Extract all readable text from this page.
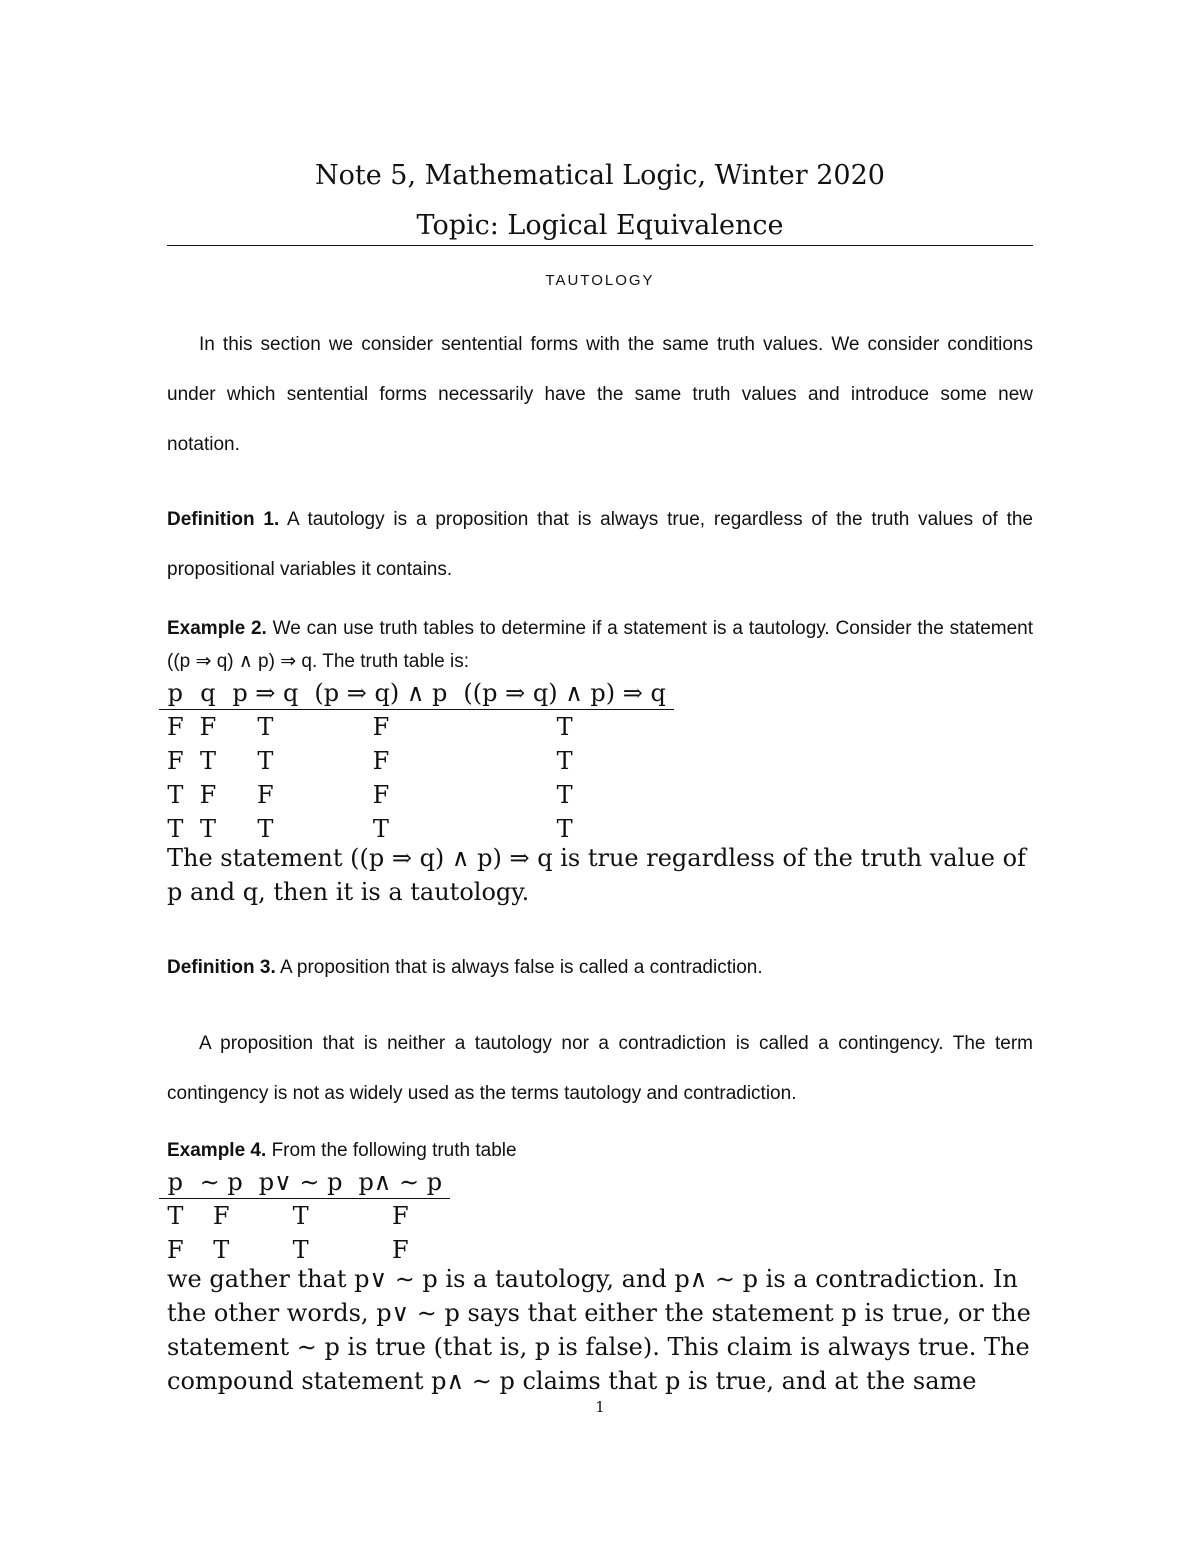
Note 5, Mathematical Logic, Winter 2020
Topic: Logical Equivalence
TAUTOLOGY
In this section we consider sentential forms with the same truth values. We consider conditions under which sentential forms necessarily have the same truth values and introduce some new notation.
Definition 1. A tautology is a proposition that is always true, regardless of the truth values of the propositional variables it contains.
Example 2. We can use truth tables to determine if a statement is a tautology. Consider the statement ((p ⇒ q) ∧ p) ⇒ q. The truth table is:
p	q	p ⇒ q	(p ⇒ q) ∧ p	((p ⇒ q) ∧ p) ⇒ q
F	F	T	F	T
F	T	T	F	T
T	F	F	F	T
T	T	T	T	T
The statement ((p ⇒ q) ∧ p) ⇒ q is true regardless of the truth value of p and q, then it is a tautology.
Definition 3. A proposition that is always false is called a contradiction.
A proposition that is neither a tautology nor a contradiction is called a contingency. The term contingency is not as widely used as the terms tautology and contradiction.
Example 4. From the following truth table
p	∼ p	p∨ ∼ p	p∧ ∼ p
T	F	T	F
F	T	T	F
we gather that p∨ ∼ p is a tautology, and p∧ ∼ p is a contradiction. In the other words, p∨ ∼ p says that either the statement p is true, or the statement ∼ p is true (that is, p is false). This claim is always true. The compound statement p∧ ∼ p claims that p is true, and at the same
1
